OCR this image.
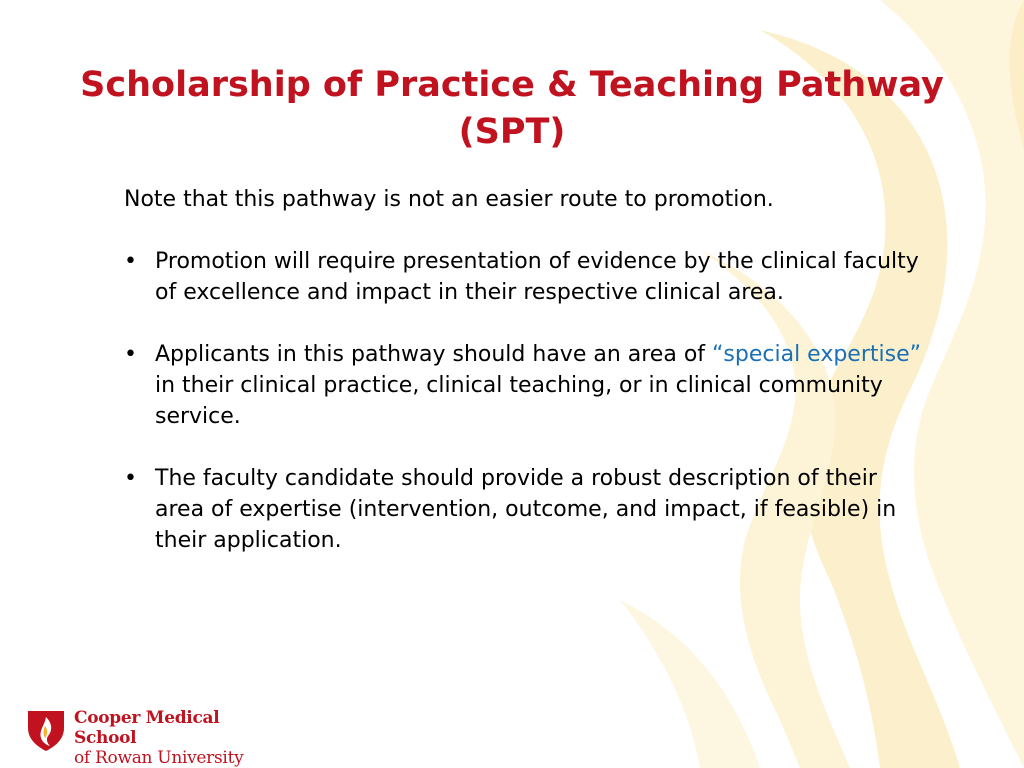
Scholarship of Practice & Teaching Pathway (SPT)

Note that this pathway is not an easier route to promotion.

• Promotion will require presentation of evidence by the clinical faculty of excellence and impact in their respective clinical area.
• Applicants in this pathway should have an area of “special expertise” in their clinical practice, clinical teaching, or in clinical community service.
• The faculty candidate should provide a robust description of their area of expertise (intervention, outcome, and impact, if feasible) in their application.
Cooper Medical School
of Rowan University
